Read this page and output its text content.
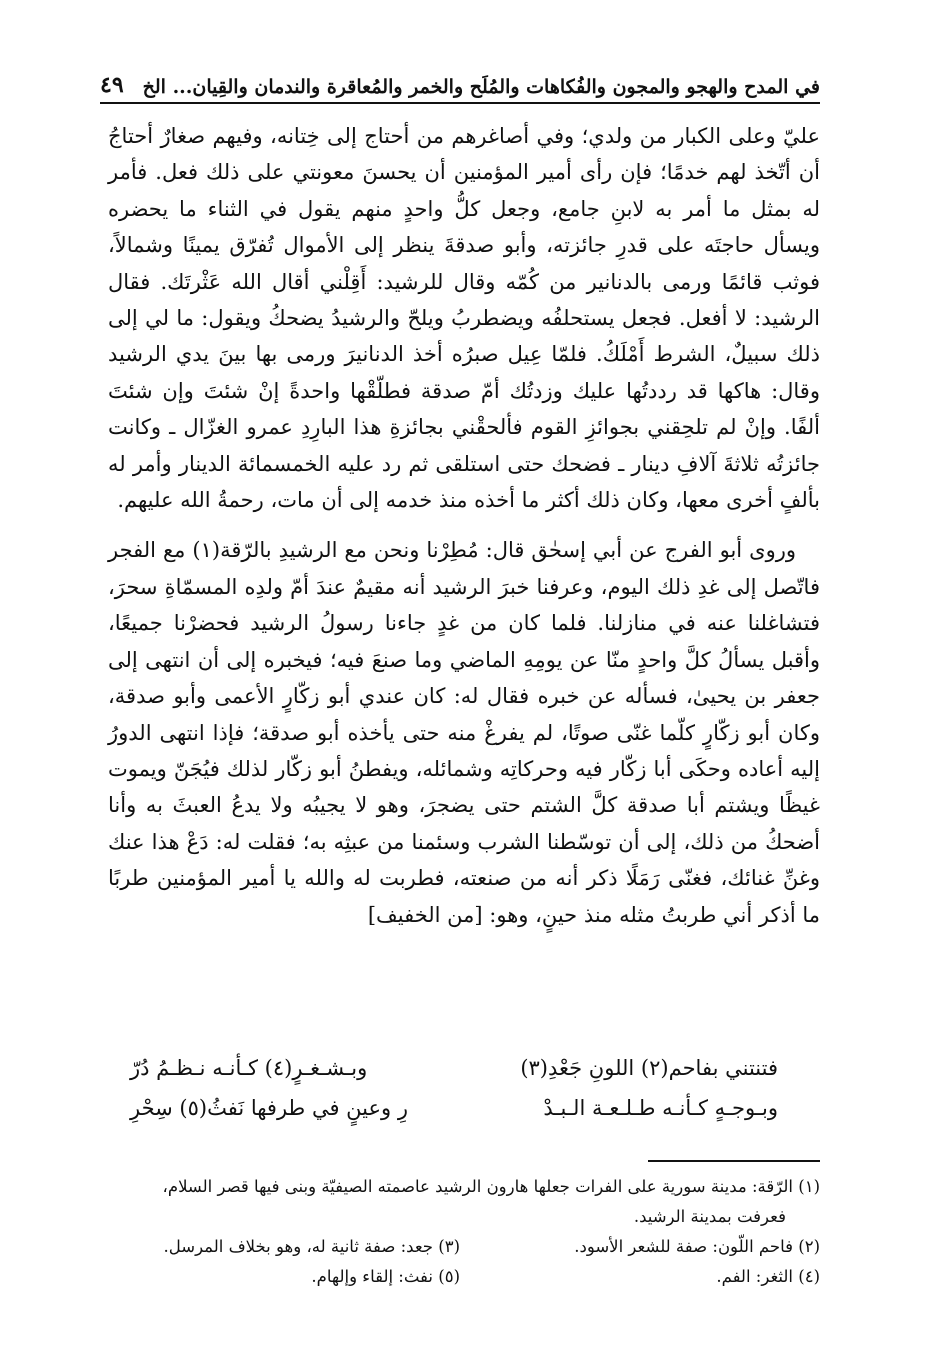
في المدح والهجو والمجون والفُكاهات والمُلَح والخمر والمُعاقرة والندمان والقِيان... الخ
٤٩

عليّ وعلى الكبار من ولدي؛ وفي أصاغرهم من أحتاج إلى خِتانه، وفيهم صغارٌ أحتاجُ أن أتّخذ لهم خدمًا؛ فإن رأى أمير المؤمنين أن يحسنَ معونتي على ذلك فعل. فأمر له بمثل ما أمر به لابنِ جامع، وجعل كلُّ واحدٍ منهم يقول في الثناء ما يحضره ويسأل حاجتَه على قدرِ جائزته، وأبو صدقةَ ينظر إلى الأموال تُفرّق يمينًا وشمالاً، فوثب قائمًا ورمى بالدنانير من كُمّه وقال للرشيد: أَقِلْني أقال الله عَثْرتَك. فقال الرشيد: لا أفعل. فجعل يستحلفُه ويضطربُ ويلحّ والرشيدُ يضحكُ ويقول: ما لي إلى ذلك سبيلٌ، الشرط أَمْلَكُ. فلمّا عِيل صبرُه أخذ الدنانيرَ ورمى بها بينَ يدي الرشيد وقال: هاكها قد رددتُها عليك وزدتُك أمّ صدقة فطلّقْها واحدةً إنْ شئتَ وإن شئتَ ألفًا. وإنْ لم تلحِقني بجوائزِ القوم فألحقْني بجائزةِ هذا البارِدِ عمرو الغزّال ـ وكانت جائزتُه ثلاثةَ آلافِ دينار ـ فضحك حتى استلقى ثم رد عليه الخمسمائة الدينار وأمر له بألفٍ أخرى معها، وكان ذلك أكثر ما أخذه منذ خدمه إلى أن مات، رحمةُ الله عليهم.

وروى أبو الفرج عن أبي إسحٰق قال: مُطِرْنا ونحن مع الرشيدِ بالرّقة(١) مع الفجر فاتّصل إلى غدِ ذلك اليوم، وعرفنا خبرَ الرشيد أنه مقيمٌ عندَ أمّ ولدِه المسمّاةِ سحرَ، فتشاغلنا عنه في منازلنا. فلما كان من غدٍ جاءنا رسولُ الرشيد فحضرْنا جميعًا، وأقبل يسألُ كلَّ واحدٍ منّا عن يومِهِ الماضي وما صنعَ فيه؛ فيخبره إلى أن انتهى إلى جعفر بن يحيىٰ، فسأله عن خبره فقال له: كان عندي أبو زكّارٍ الأعمى وأبو صدقة، وكان أبو زكّارٍ كلّما غنّى صوتًا، لم يفرغْ منه حتى يأخذه أبو صدقة؛ فإذا انتهى الدورُ إليه أعاده وحكَى أبا زكّار فيه وحركاتِه وشمائله، ويفطنُ أبو زكّار لذلك فيُجَنّ ويموت غيظًا ويشتم أبا صدقة كلَّ الشتم حتى يضجرَ، وهو لا يجيبُه ولا يدعُ العبثَ به وأنا أضحكُ من ذلك، إلى أن توسّطنا الشرب وسئمنا من عبثِه به؛ فقلت له: دَعْ هذا عنك وغنِّ غنائك، فغنّى رَمَلًا ذكر أنه من صنعته، فطربت له والله يا أمير المؤمنين طربًا ما أذكر أني طربتُ مثله منذ حينٍ، وهو: [من الخفيف]

فتنتني بفاحم(٢) اللونِ جَعْدِ(٣)
وبـشـغـرٍ(٤) كـأنـه نـظـمُ دُرّ
وبـوجـهٍ كـأنـه طـلـعـة الـبـدْ
رِ وعينٍ في طرفها نَفثُ(٥) سِحْرِ
(١) الرّقة: مدينة سورية على الفرات جعلها هارون الرشيد عاصمته الصيفيّة وبنى فيها قصر السلام،
فعرفت بمدينة الرشيد.
(٢) فاحم اللّون: صفة للشعر الأسود.
(٣) جعد: صفة ثانية له، وهو بخلاف المرسل.
(٤) الثغر: الفم.
(٥) نفث: إلقاء وإلهام.
